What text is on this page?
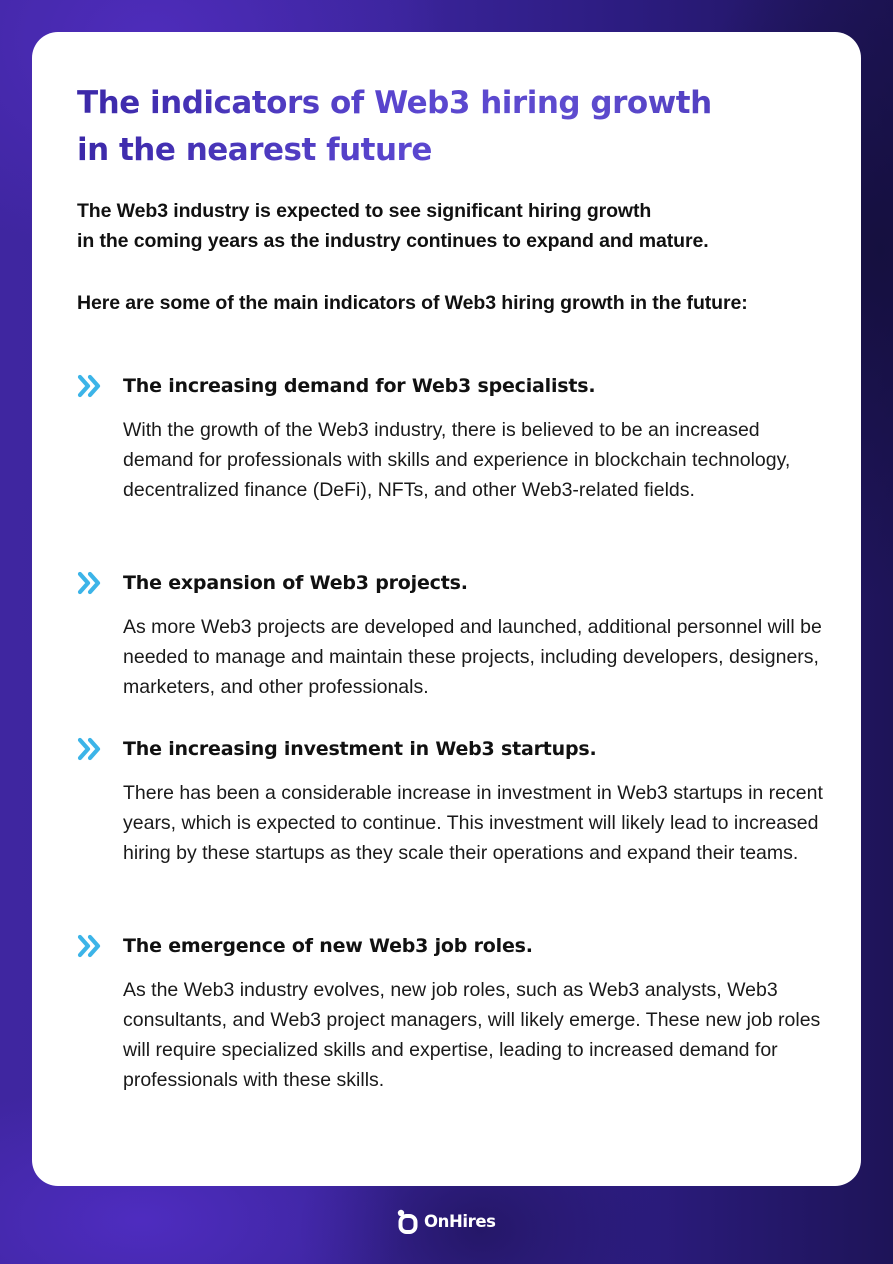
The indicators of Web3 hiring growth
in the nearest future

The Web3 industry is expected to see significant hiring growth

in the coming years as the industry continues to expand and mature.

Here are some of the main indicators of Web3 hiring growth in the future:

The increasing demand for Web3 specialists.
With the growth of the Web3 industry, there is believed to be an increased demand for professionals with skills and experience in blockchain technology, decentralized finance (DeFi), NFTs, and other Web3-related fields.
The expansion of Web3 projects.
As more Web3 projects are developed and launched, additional personnel will be needed to manage and maintain these projects, including developers, designers, marketers, and other professionals.
The increasing investment in Web3 startups.
There has been a considerable increase in investment in Web3 startups in recent years, which is expected to continue. This investment will likely lead to increased hiring by these startups as they scale their operations and expand their teams.
The emergence of new Web3 job roles.
As the Web3 industry evolves, new job roles, such as Web3 analysts, Web3 consultants, and Web3 project managers, will likely emerge. These new job roles will require specialized skills and expertise, leading to increased demand for professionals with these skills.
OnHires
